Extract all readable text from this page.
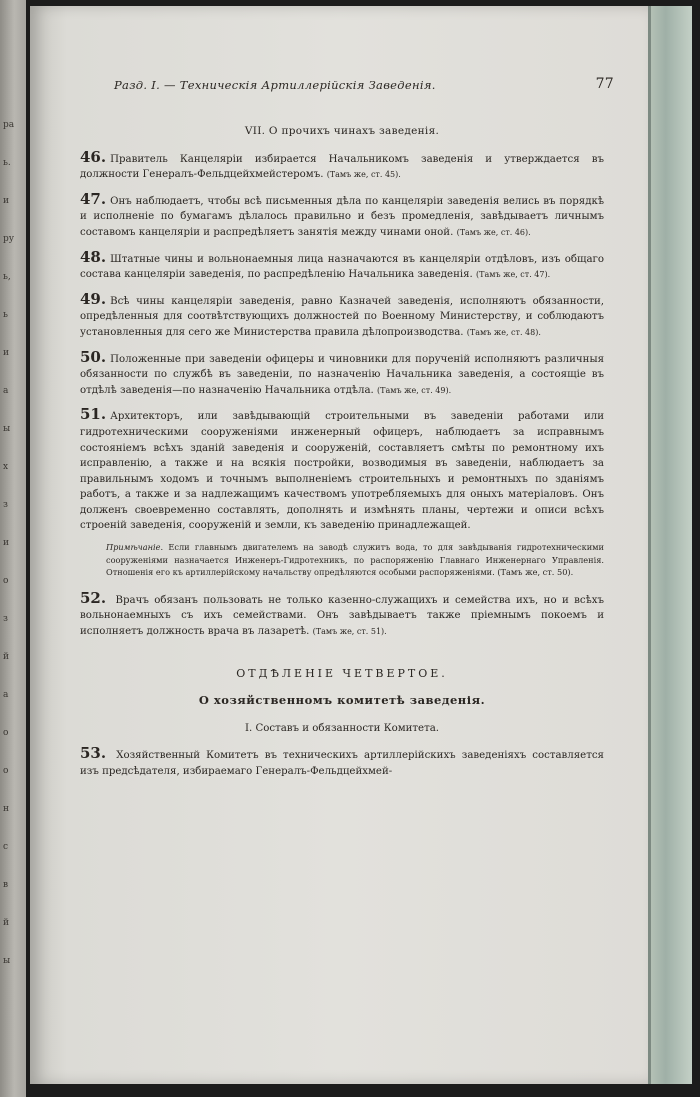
ра
ь.
и
ру
ь,
ь
и
а
ы
х
з
и
о
з
й
а
о
о
н
с
в
й
ы
Разд. I. — Техническія Артиллерійскія Заведенія.	77
VII. О прочихъ чинахъ заведенія.

46. Правитель Канцеляріи избирается Начальникомъ заведенія и утверждается въ должности Генералъ-Фельдцейхмейстеромъ. (Тамъ же, ст. 45).

47. Онъ наблюдаетъ, чтобы всѣ письменныя дѣла по канцеляріи заведенія велись въ порядкѣ и исполненіе по бумагамъ дѣлалось правильно и безъ промедленія, завѣдываетъ личнымъ составомъ канцеляріи и распредѣляетъ занятія между чинами оной. (Тамъ же, ст. 46).

48. Штатные чины и вольнонаемныя лица назначаются въ канцеляріи отдѣловъ, изъ общаго состава канцеляріи заведенія, по распредѣленію Начальника заведенія. (Тамъ же, ст. 47).

49. Всѣ чины канцеляріи заведенія, равно Казначей заведенія, исполняютъ обязанности, опредѣленныя для соотвѣтствующихъ должностей по Военному Министерству, и соблюдаютъ установленныя для сего же Министерства правила дѣлопроизводства. (Тамъ же, ст. 48).

50. Положенные при заведеніи офицеры и чиновники для порученій исполняютъ различныя обязанности по службѣ въ заведеніи, по назначенію Начальника заведенія, а состоящіе въ отдѣлѣ заведенія—по назначенію Начальника отдѣла. (Тамъ же, ст. 49).

51. Архитекторъ, или завѣдывающій строительными въ заведеніи работами или гидротехническими сооруженіями инженерный офицеръ, наблюдаетъ за исправнымъ состояніемъ всѣхъ зданій заведенія и сооруженій, составляетъ смѣты по ремонтному ихъ исправленію, а также и на всякія постройки, возводимыя въ заведеніи, наблюдаетъ за правильнымъ ходомъ и точнымъ выполненіемъ строительныхъ и ремонтныхъ по зданіямъ работъ, а также и за надлежащимъ качествомъ употребляемыхъ для оныхъ матеріаловъ. Онъ долженъ своевременно составлять, дополнять и измѣнять планы, чертежи и описи всѣхъ строеній заведенія, сооруженій и земли, къ заведенію принадлежащей.

Примѣчаніе. Если главнымъ двигателемъ на заводѣ служитъ вода, то для завѣдыванія гидротехническими сооруженіями назначается Инженеръ-Гидротехникъ, по распоряженію Главнаго Инженернаго Управленія. Отношенія его къ артиллерійскому начальству опредѣляются особыми распоряженіями. (Тамъ же, ст. 50).

52. Врачъ обязанъ пользовать не только казенно-служащихъ и семейства ихъ, но и всѣхъ вольнонаемныхъ съ ихъ семействами. Онъ завѣдываетъ также пріемнымъ покоемъ и исполняетъ должность врача въ лазаретѣ. (Тамъ же, ст. 51).

ОТДѢЛЕНІЕ ЧЕТВЕРТОЕ.
О хозяйственномъ комитетѣ заведенія.
I. Составъ и обязанности Комитета.

53. Хозяйственный Комитетъ въ техническихъ артиллерійскихъ заведеніяхъ составляется изъ предсѣдателя, избираемаго Генералъ-Фельдцейхмей-
